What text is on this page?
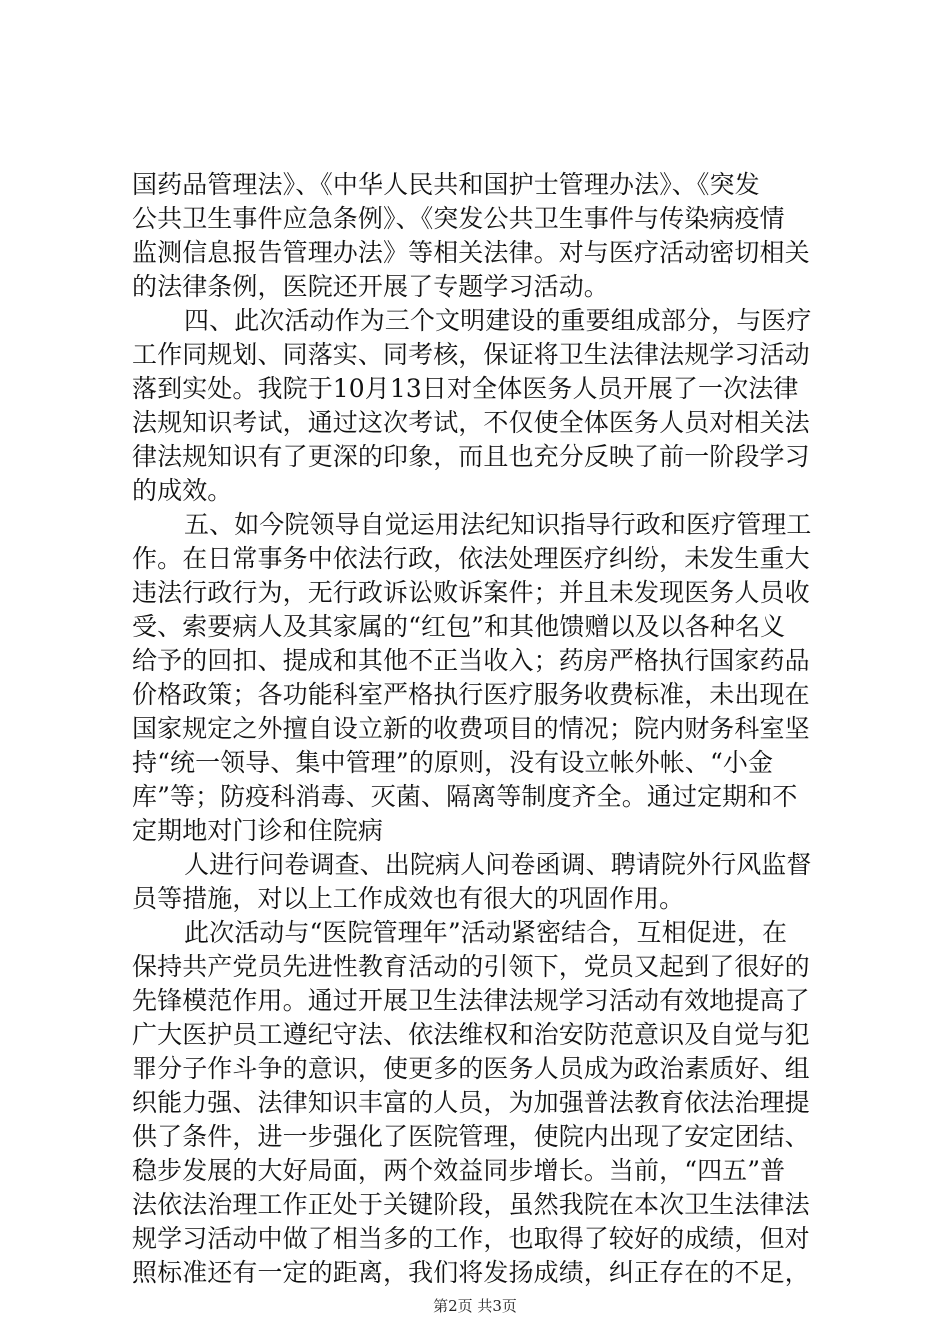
国药品管理法》、《中华人民共和国护士管理办法》、《突发
公共卫生事件应急条例》、《突发公共卫生事件与传染病疫情
监测信息报告管理办法》等相关法律。对与医疗活动密切相关
的法律条例，医院还开展了专题学习活动。
四、此次活动作为三个文明建设的重要组成部分，与医疗
工作同规划、同落实、同考核，保证将卫生法律法规学习活动
落到实处。我院于10月13日对全体医务人员开展了一次法律
法规知识考试，通过这次考试，不仅使全体医务人员对相关法
律法规知识有了更深的印象，而且也充分反映了前一阶段学习
的成效。
五、如今院领导自觉运用法纪知识指导行政和医疗管理工
作。在日常事务中依法行政，依法处理医疗纠纷，未发生重大
违法行政行为，无行政诉讼败诉案件；并且未发现医务人员收
受、索要病人及其家属的“红包”和其他馈赠以及以各种名义
给予的回扣、提成和其他不正当收入；药房严格执行国家药品
价格政策；各功能科室严格执行医疗服务收费标准，未出现在
国家规定之外擅自设立新的收费项目的情况；院内财务科室坚
持“统一领导、集中管理”的原则，没有设立帐外帐、“小金
库”等；防疫科消毒、灭菌、隔离等制度齐全。通过定期和不
定期地对门诊和住院病
人进行问卷调查、出院病人问卷函调、聘请院外行风监督
员等措施，对以上工作成效也有很大的巩固作用。
此次活动与“医院管理年”活动紧密结合，互相促进，在
保持共产党员先进性教育活动的引领下，党员又起到了很好的
先锋模范作用。通过开展卫生法律法规学习活动有效地提高了
广大医护员工遵纪守法、依法维权和治安防范意识及自觉与犯
罪分子作斗争的意识，使更多的医务人员成为政治素质好、组
织能力强、法律知识丰富的人员，为加强普法教育依法治理提
供了条件，进一步强化了医院管理，使院内出现了安定团结、
稳步发展的大好局面，两个效益同步增长。当前，“四五”普
法依法治理工作正处于关键阶段，虽然我院在本次卫生法律法
规学习活动中做了相当多的工作，也取得了较好的成绩，但对
照标准还有一定的距离，我们将发扬成绩，纠正存在的不足，
第2页 共3页
